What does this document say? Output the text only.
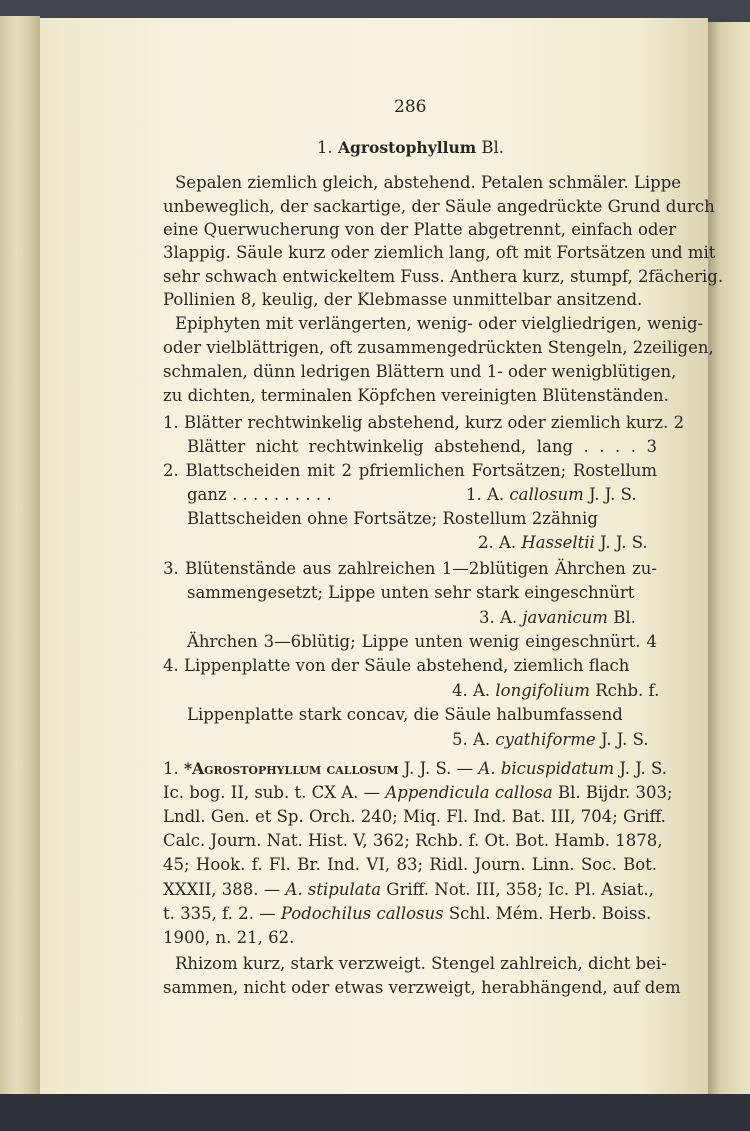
286
1. Agrostophyllum Bl.
Sepalen ziemlich gleich, abstehend. Petalen schmäler. Lippe
unbeweglich, der sackartige, der Säule angedrückte Grund durch
eine Querwucherung von der Platte abgetrennt, einfach oder
3lappig. Säule kurz oder ziemlich lang, oft mit Fortsätzen und mit
sehr schwach entwickeltem Fuss. Anthera kurz, stumpf, 2fächerig.
Pollinien 8, keulig, der Klebmasse unmittelbar ansitzend.
Epiphyten mit verlängerten, wenig- oder vielgliedrigen, wenig-
oder vielblättrigen, oft zusammengedrückten Stengeln, 2zeiligen,
schmalen, dünn ledrigen Blättern und 1- oder wenigblütigen,
zu dichten, terminalen Köpfchen vereinigten Blütenständen.
1. Blätter rechtwinkelig abstehend, kurz oder ziemlich kurz. 2
Blätter nicht rechtwinkelig abstehend, lang . . . . 3
2. Blattscheiden mit 2 pfriemlichen Fortsätzen; Rostellum
ganz . . . . . . . . . .	1. A. callosum J. J. S.
Blattscheiden ohne Fortsätze; Rostellum 2zähnig
2. A. Hasseltii J. J. S.
3. Blütenstände aus zahlreichen 1—2blütigen Ährchen zu-
sammengesetzt; Lippe unten sehr stark eingeschnürt
3. A. javanicum Bl.
Ährchen 3—6blütig; Lippe unten wenig eingeschnürt. 4
4. Lippenplatte von der Säule abstehend, ziemlich flach
4. A. longifolium Rchb. f.
Lippenplatte stark concav, die Säule halbumfassend
5. A. cyathiforme J. J. S.
1. *Agrostophyllum callosum J. J. S. — A. bicuspidatum J. J. S.
Ic. bog. II, sub. t. CX A. — Appendicula callosa Bl. Bijdr. 303;
Lndl. Gen. et Sp. Orch. 240; Miq. Fl. Ind. Bat. III, 704; Griff.
Calc. Journ. Nat. Hist. V, 362; Rchb. f. Ot. Bot. Hamb. 1878,
45; Hook. f. Fl. Br. Ind. VI, 83; Ridl. Journ. Linn. Soc. Bot.
XXXII, 388. — A. stipulata Griff. Not. III, 358; Ic. Pl. Asiat.,
t. 335, f. 2. — Podochilus callosus Schl. Mém. Herb. Boiss.
1900, n. 21, 62.
Rhizom kurz, stark verzweigt. Stengel zahlreich, dicht bei-
sammen, nicht oder etwas verzweigt, herabhängend, auf dem
